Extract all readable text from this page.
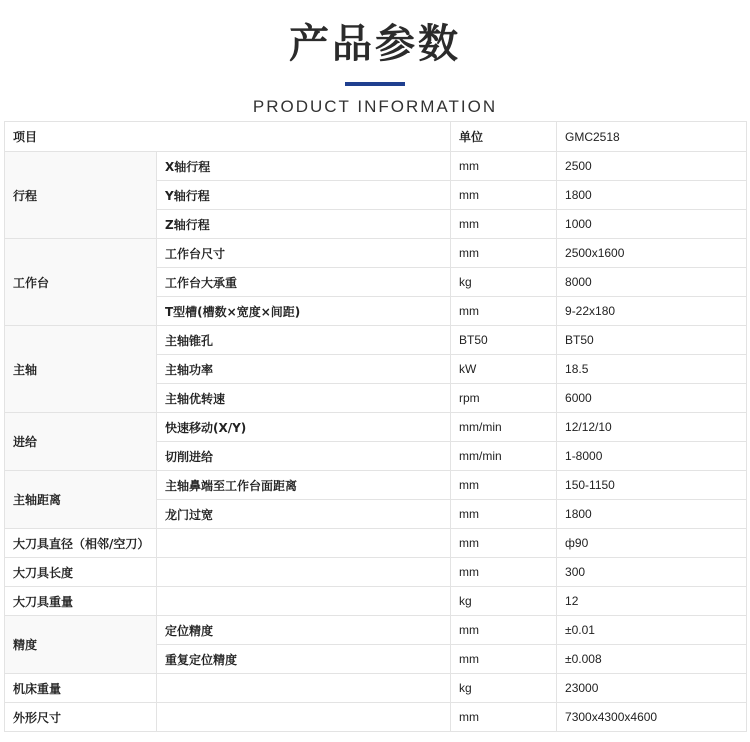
产品参数
PRODUCT INFORMATION
项目		单位	GMC2518
行程	X轴行程	mm	2500
	Y轴行程	mm	1800
	Z轴行程	mm	1000
工作台	工作台尺寸	mm	2500x1600
	工作台大承重	kg	8000
	T型槽(槽数×宽度×间距)	mm	9-22x180
主轴	主轴锥孔	BT50	BT50
	主轴功率	kW	18.5
	主轴优转速	rpm	6000
进给	快速移动(X/Y)	mm/min	12/12/10
	切削进给	mm/min	1-8000
主轴距离	主轴鼻端至工作台面距离	mm	150-1150
	龙门过宽	mm	1800
大刀具直径（相邻/空刀）		mm	ф90
大刀具长度		mm	300
大刀具重量		kg	12
精度	定位精度	mm	±0.01
	重复定位精度	mm	±0.008
机床重量		kg	23000
外形尺寸		mm	7300x4300x4600
